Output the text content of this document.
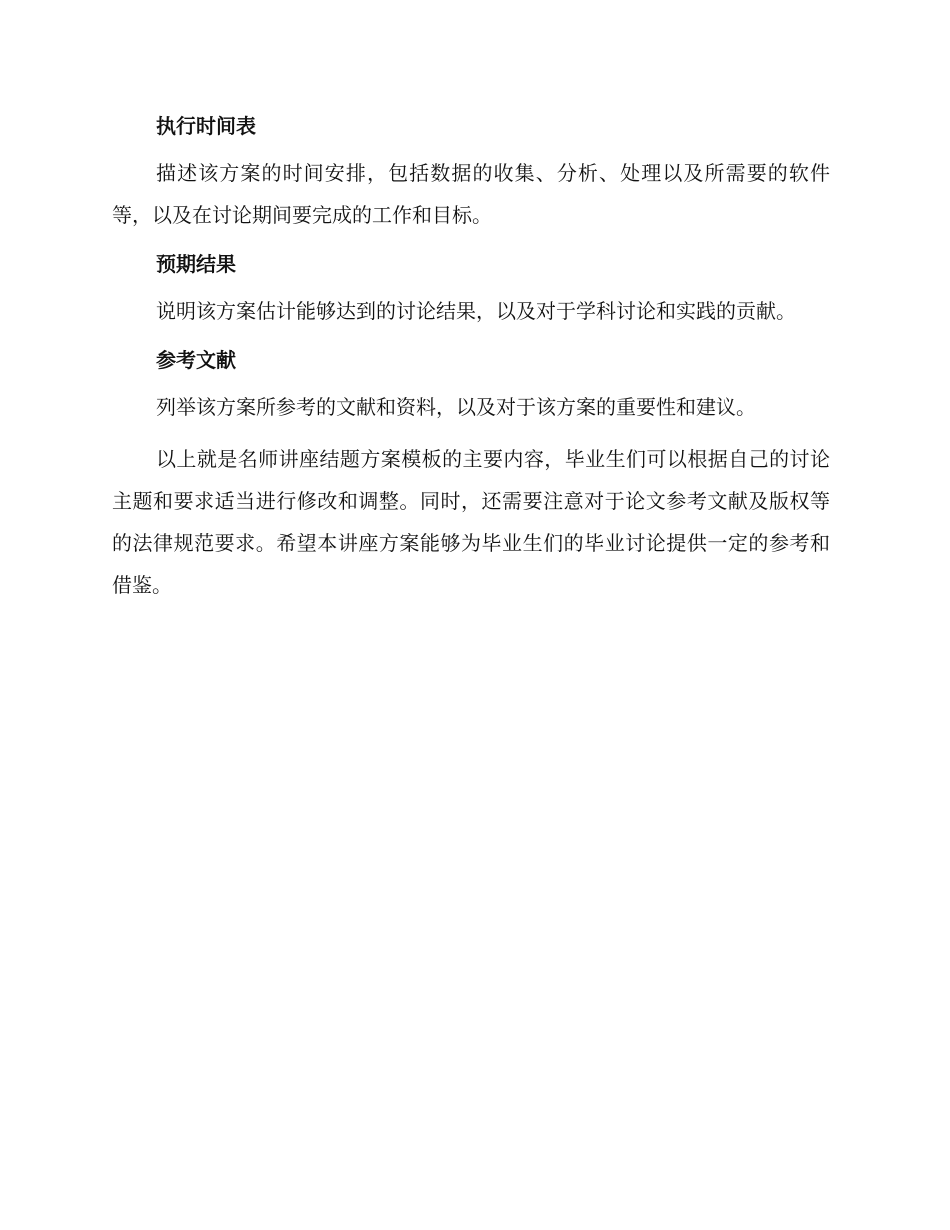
执行时间表

描述该方案的时间安排，包括数据的收集、分析、处理以及所需要的软件等，以及在讨论期间要完成的工作和目标。

预期结果

说明该方案估计能够达到的讨论结果，以及对于学科讨论和实践的贡献。

参考文献

列举该方案所参考的文献和资料，以及对于该方案的重要性和建议。

以上就是名师讲座结题方案模板的主要内容，毕业生们可以根据自己的讨论主题和要求适当进行修改和调整。同时，还需要注意对于论文参考文献及版权等的法律规范要求。希望本讲座方案能够为毕业生们的毕业讨论提供一定的参考和借鉴。
